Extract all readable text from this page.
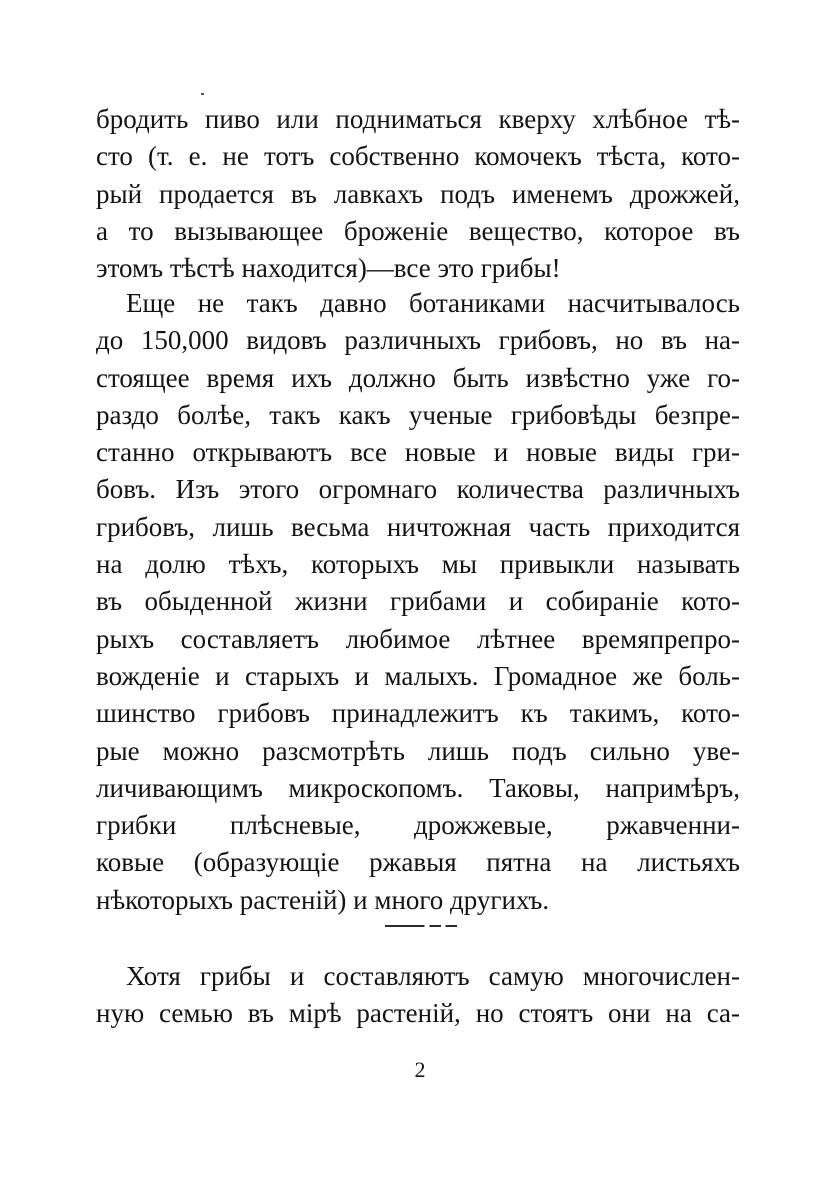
бродить пиво или подниматься кверху хлѣбное тѣ-
сто (т. е. не тотъ собственно комочекъ тѣста, кото-
рый продается въ лавкахъ подъ именемъ дрожжей,
а то вызывающее броженіе вещество, которое въ
этомъ тѣстѣ находится)—все это грибы!
Еще не такъ давно ботаниками насчитывалось
до 150,000 видовъ различныхъ грибовъ, но въ на-
стоящее время ихъ должно быть извѣстно уже го-
раздо болѣе, такъ какъ ученые грибовѣды безпре-
станно открываютъ все новые и новые виды гри-
бовъ. Изъ этого огромнаго количества различныхъ
грибовъ, лишь весьма ничтожная часть приходится
на долю тѣхъ, которыхъ мы привыкли называть
въ обыденной жизни грибами и собираніе кото-
рыхъ составляетъ любимое лѣтнее времяпрепро-
вожденіе и старыхъ и малыхъ. Громадное же боль-
шинство грибовъ принадлежитъ къ такимъ, кото-
рые можно разсмотрѣть лишь подъ сильно уве-
личивающимъ микроскопомъ. Таковы, напримѣръ,
грибки плѣсневые, дрожжевые, ржавченни-
ковые (образующіе ржавыя пятна на листьяхъ
нѣкоторыхъ растеній) и много другихъ.
Хотя грибы и составляютъ самую многочислен-
ную семью въ мірѣ растеній, но стоятъ они на са-
2
